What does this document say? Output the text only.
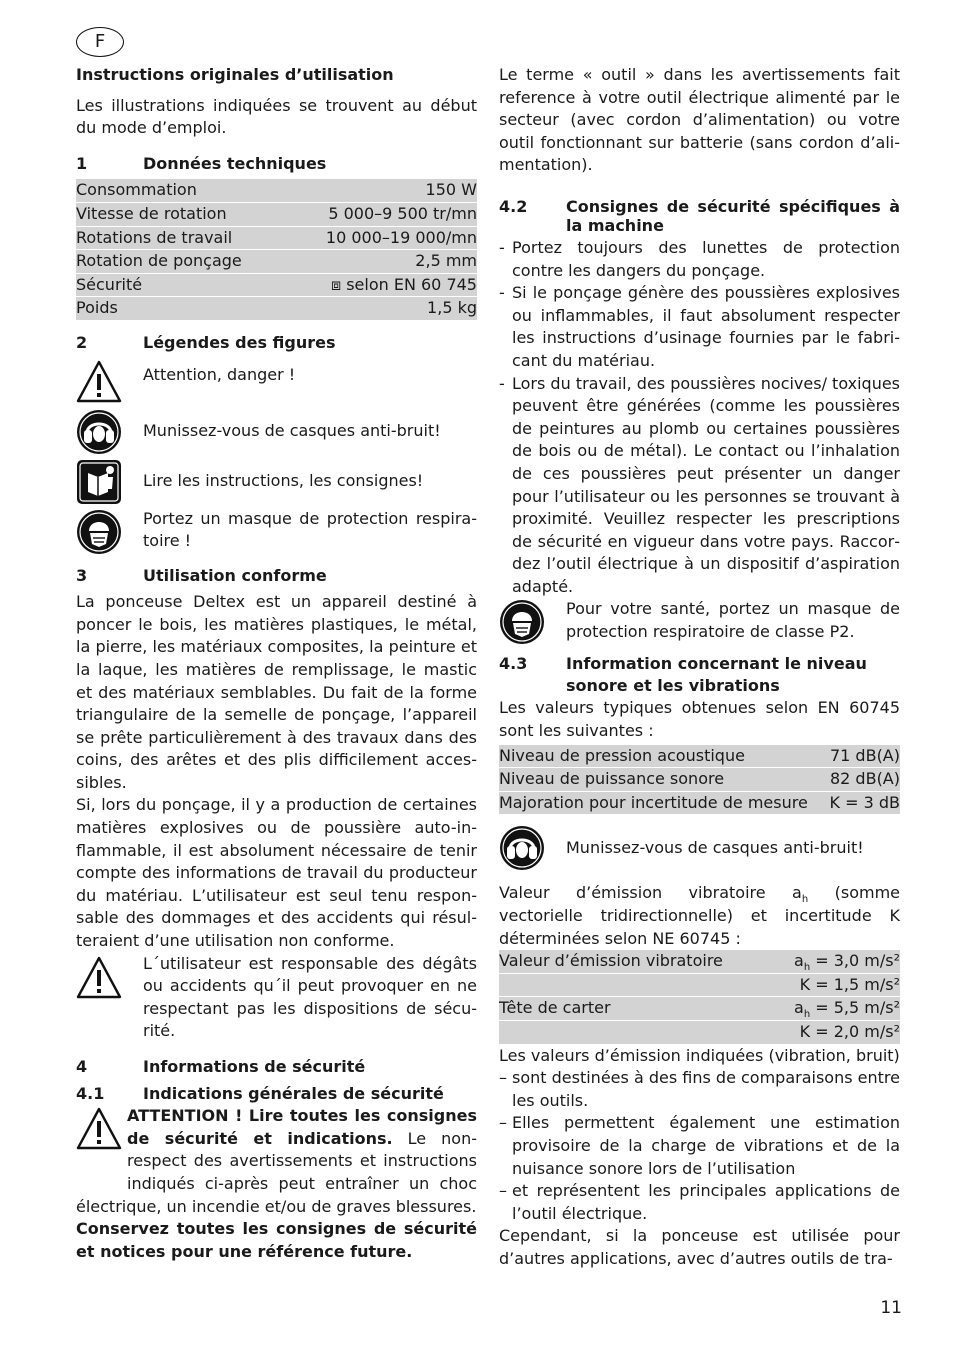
F

Instructions originales d’utilisation

Les illustrations indiquées se trouvent au début du mode d’emploi.

1	Données techniques
Consommation	150 W
Vitesse de rotation	5 000–9 500 tr/mn
Rotations de travail	10 000–19 000/mn
Rotation de ponçage	2,5 mm
Sécurité	⧈ selon EN 60 745
Poids	1,5 kg
2	Légendes des figures
Attention, danger !
Munissez-vous de casques anti-bruit!
Lire les instructions, les consignes!
Portez un masque de protection respiratoire !
3	Utilisation conforme

La ponceuse Deltex est un appareil destiné à poncer le bois, les matières plastiques, le métal, la pierre, les matériaux composites, la peinture et la laque, les matières de remplissage, le mastic et des matériaux semblables. Du fait de la forme triangulaire de la semelle de ponçage, l’appareil se prête particulièrement à des travaux dans des coins, des arêtes et des plis difficilement accessibles.

Si, lors du ponçage, il y a production de certaines matières explosives ou de poussière auto-inflammable, il est absolument nécessaire de tenir compte des informations de travail du producteur du matériau. L’utilisateur est seul tenu responsable des dommages et des accidents qui résulteraient d’une utilisation non conforme.

L´utilisateur est responsable des dégâts ou accidents qu´il peut provoquer en ne respectant pas les dispositions de sécurité.

4	Informations de sécurité
4.1	Indications générales de sécurité

ATTENTION ! Lire toutes les consignes de sécurité et indications. Le non-respect des avertissements et instructions indiqués ci-après peut entraîner un choc électrique, un incendie et/ou de graves blessures.

Conservez toutes les consignes de sécurité et notices pour une référence future.

Le terme « outil » dans les avertissements fait reference à votre outil électrique alimenté par le secteur (avec cordon d’alimentation) ou votre outil fonctionnant sur batterie (sans cordon d’alimentation).

4.2	Consignes de sécurité spécifiques à la machine
- Portez toujours des lunettes de protection contre les dangers du ponçage.
- Si le ponçage génère des poussières explosives ou inflammables, il faut absolument respecter les instructions d’usinage fournies par le fabricant du matériau.
- Lors du travail, des poussières nocives/ toxiques peuvent être générées (comme les poussières de peintures au plomb ou certaines poussières de bois ou de métal). Le contact ou l’inhalation de ces poussières peut présenter un danger pour l’utilisateur ou les personnes se trouvant à proximité. Veuillez respecter les prescriptions de sécurité en vigueur dans votre pays. Raccordez l’outil électrique à un dispositif d’aspiration adapté.
Pour votre santé, portez un masque de protection respiratoire de classe P2.
4.3	Information concernant le niveau sonore et les vibrations

Les valeurs typiques obtenues selon EN 60745 sont les suivantes :

Niveau de pression acoustique	71 dB(A)
Niveau de puissance sonore	82 dB(A)
Majoration pour incertitude de mesure	K = 3 dB
Munissez-vous de casques anti-bruit!

Valeur d’émission vibratoire $a_h$ (somme vectorielle tridirectionnelle) et incertitude K déterminées selon NE 60745 :

Valeur d’émission vibratoire	$a_h = 3,0$ m/s²
	K = 1,5 m/s²
Tête de carter	$a_h = 5,5$ m/s²
	K = 2,0 m/s²

Les valeurs d’émission indiquées (vibration, bruit)

– sont destinées à des fins de comparaisons entre les outils.
– Elles permettent également une estimation provisoire de la charge de vibrations et de la nuisance sonore lors de l’utilisation
– et représentent les principales applications de l’outil électrique.

Cependant, si la ponceuse est utilisée pour d’autres applications, avec d’autres outils de tra-

11
